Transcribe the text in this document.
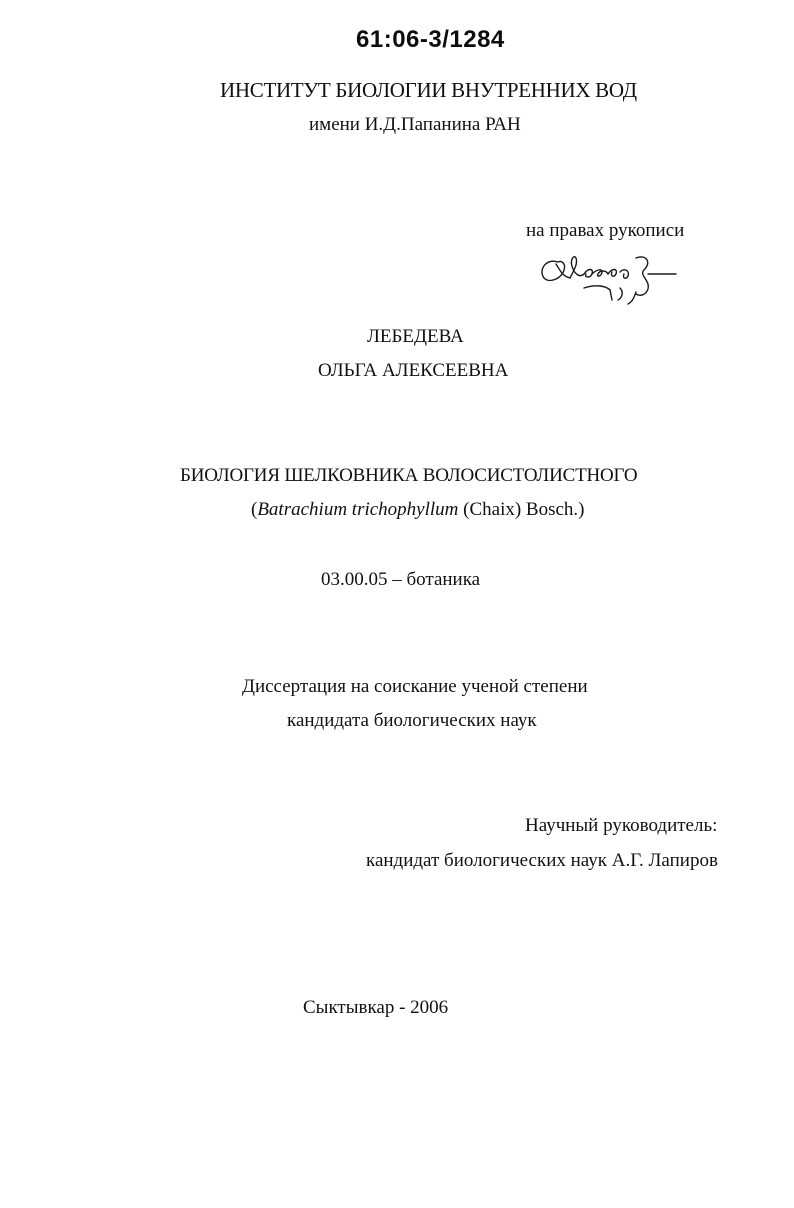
61:06-3/1284
ИНСТИТУТ БИОЛОГИИ ВНУТРЕННИХ ВОД
имени И.Д.Папанина РАН
на правах рукописи
ЛЕБЕДЕВА
ОЛЬГА АЛЕКСЕЕВНА
БИОЛОГИЯ ШЕЛКОВНИКА ВОЛОСИСТОЛИСТНОГО
(Batrachium trichophyllum (Chaix) Bosch.)
03.00.05 – ботаника
Диссертация на соискание ученой степени
кандидата биологических наук
Научный руководитель:
кандидат биологических наук А.Г. Лапиров
Сыктывкар - 2006
